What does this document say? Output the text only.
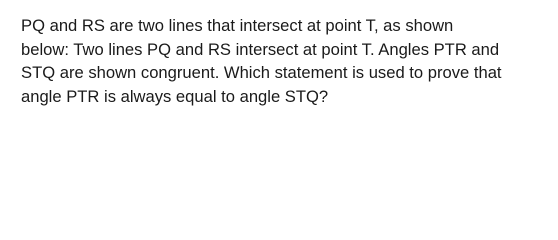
PQ and RS are two lines that intersect at point T, as shown
below: Two lines PQ and RS intersect at point T. Angles PTR and
STQ are shown congruent. Which statement is used to prove that
angle PTR is always equal to angle STQ?
